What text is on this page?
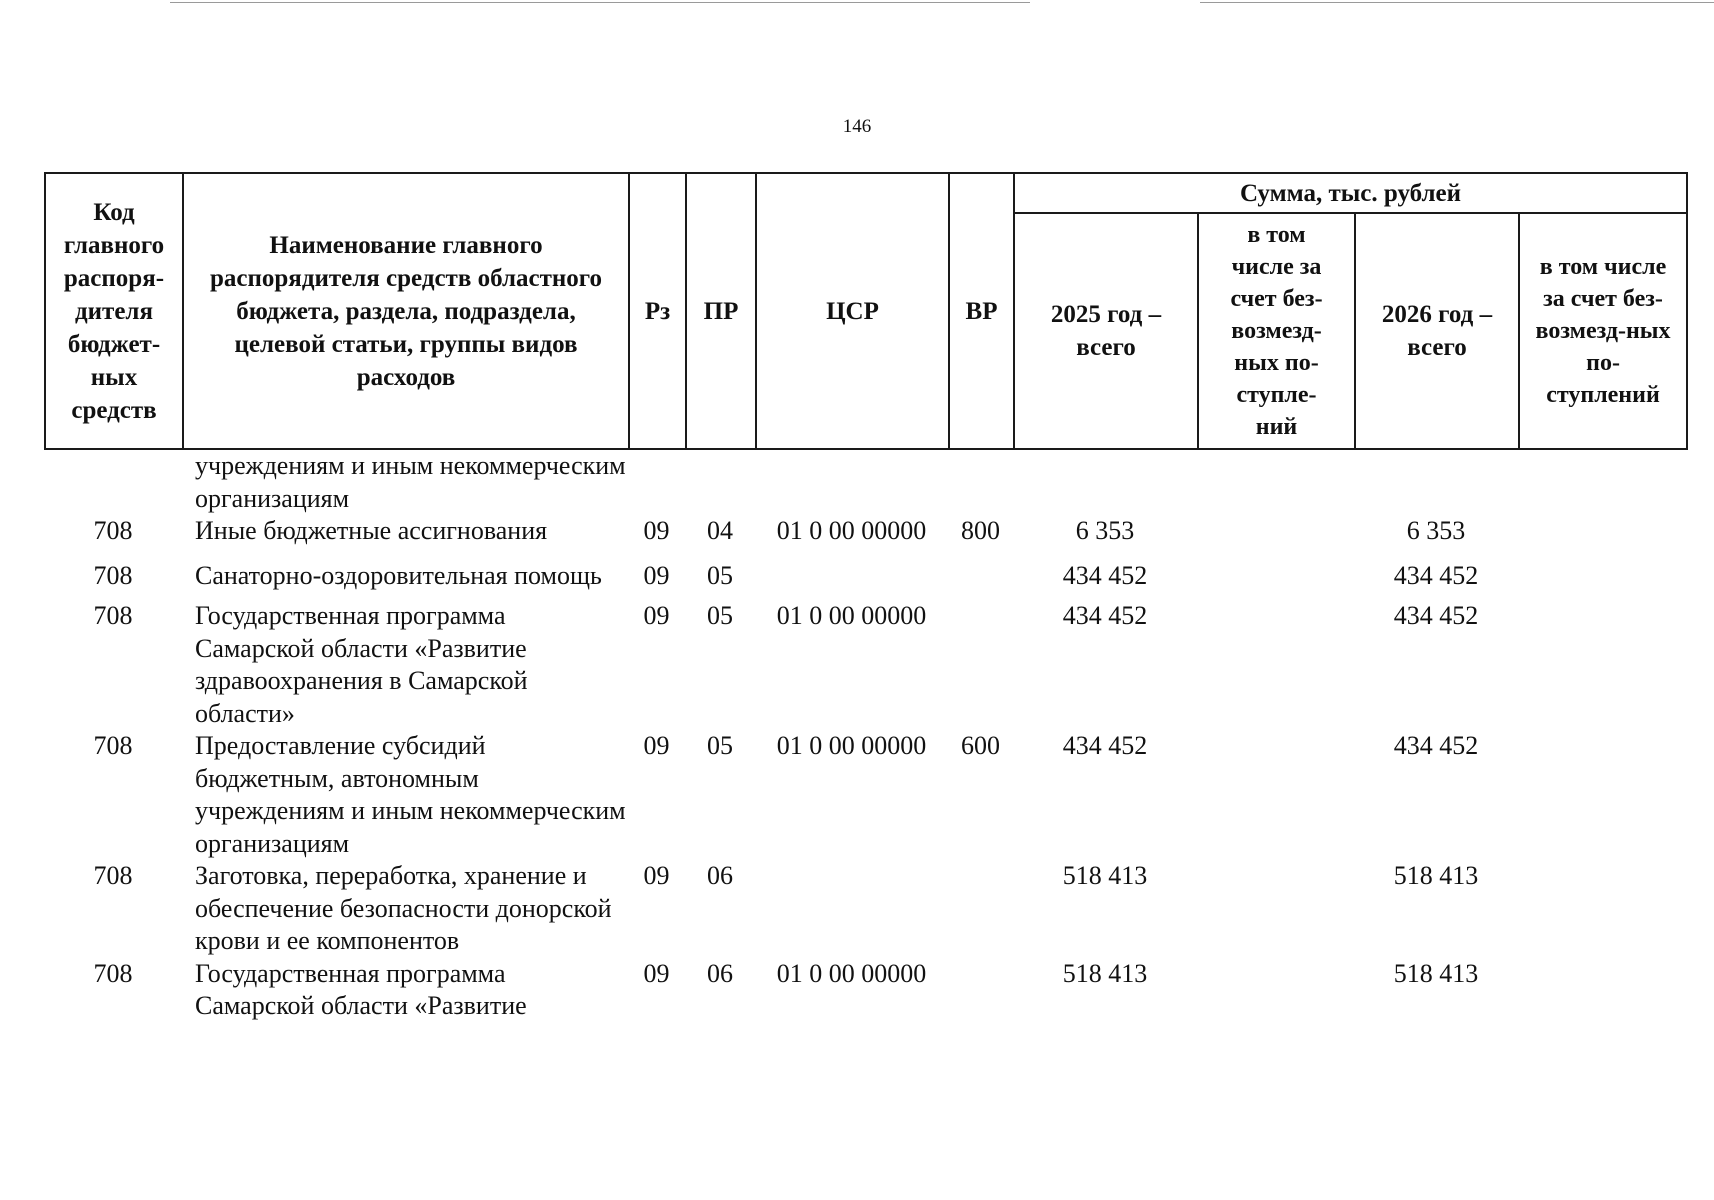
146
Код главного распоря-дителя бюджет-ных средств	Наименование главного распорядителя средств областного бюджета, раздела, подраздела, целевой статьи, группы видов расходов	Рз	ПР	ЦСР	ВР	Сумма, тыс. рублей			
						2025 год – всего	в том числе за счет без-возмезд-ных по-ступле-ний	2026 год – всего	в том числе за счет без-возмезд-ных по-ступлений
	учреждениям и иным некоммерческим организациям								
708	Иные бюджетные ассигнования	09	04	01 0 00 00000	800	6 353		6 353	
708	Санаторно-оздоровительная помощь	09	05			434 452		434 452	
708	Государственная программа Самарской области «Развитие здравоохранения в Самарской области»	09	05	01 0 00 00000		434 452		434 452	
708	Предоставление субсидий бюджетным, автономным учреждениям и иным некоммерческим организациям	09	05	01 0 00 00000	600	434 452		434 452	
708	Заготовка, переработка, хранение и обеспечение безопасности донорской крови и ее компонентов	09	06			518 413		518 413	
708	Государственная программа Самарской области «Развитие	09	06	01 0 00 00000		518 413		518 413	
